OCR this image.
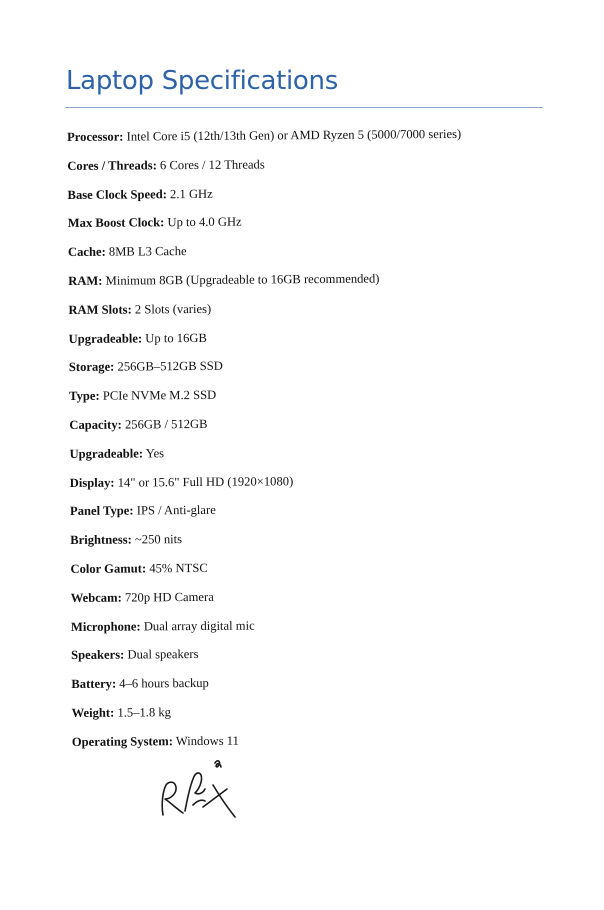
Laptop Specifications
Processor: Intel Core i5 (12th/13th Gen) or AMD Ryzen 5 (5000/7000 series)
Cores / Threads: 6 Cores / 12 Threads
Base Clock Speed: 2.1 GHz
Max Boost Clock: Up to 4.0 GHz
Cache: 8MB L3 Cache
RAM: Minimum 8GB (Upgradeable to 16GB recommended)
RAM Slots: 2 Slots (varies)
Upgradeable: Up to 16GB
Storage: 256GB–512GB SSD
Type: PCIe NVMe M.2 SSD
Capacity: 256GB / 512GB
Upgradeable: Yes
Display: 14" or 15.6" Full HD (1920×1080)
Panel Type: IPS / Anti-glare
Brightness: ~250 nits
Color Gamut: 45% NTSC
Webcam: 720p HD Camera
Microphone: Dual array digital mic
Speakers: Dual speakers
Battery: 4–6 hours backup
Weight: 1.5–1.8 kg
Operating System: Windows 11
